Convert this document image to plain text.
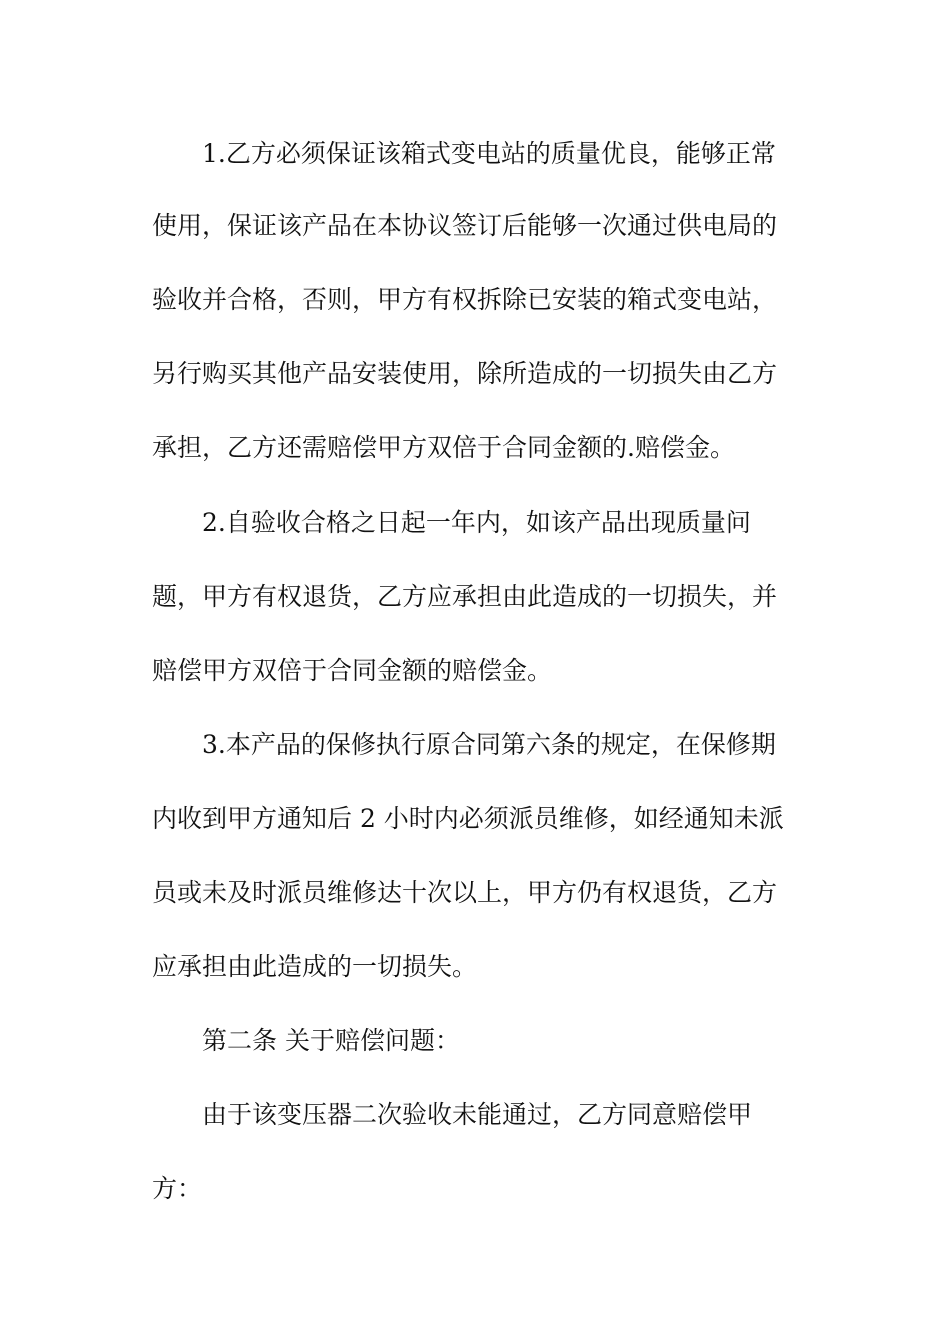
1.乙方必须保证该箱式变电站的质量优良，能够正常
使用，保证该产品在本协议签订后能够一次通过供电局的
验收并合格，否则，甲方有权拆除已安装的箱式变电站，
另行购买其他产品安装使用，除所造成的一切损失由乙方
承担，乙方还需赔偿甲方双倍于合同金额的.赔偿金。
2.自验收合格之日起一年内，如该产品出现质量问
题，甲方有权退货，乙方应承担由此造成的一切损失，并
赔偿甲方双倍于合同金额的赔偿金。
3.本产品的保修执行原合同第六条的规定，在保修期
内收到甲方通知后 2 小时内必须派员维修，如经通知未派
员或未及时派员维修达十次以上，甲方仍有权退货，乙方
应承担由此造成的一切损失。
第二条 关于赔偿问题：
由于该变压器二次验收未能通过，乙方同意赔偿甲
方：
